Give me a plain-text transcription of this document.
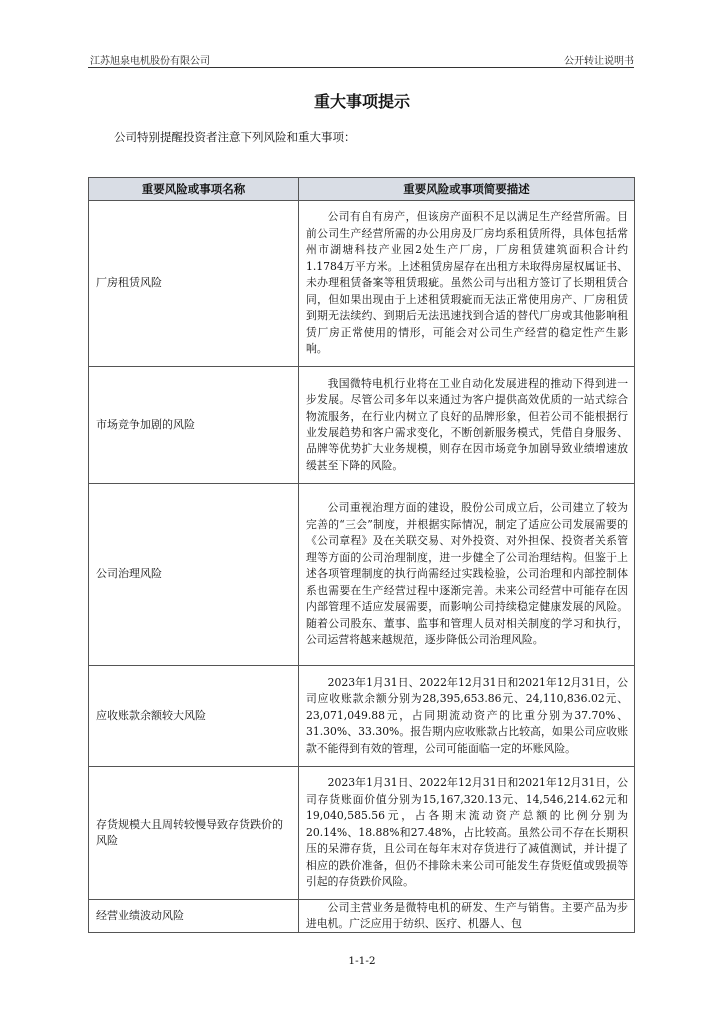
江苏旭泉电机股份有限公司	公开转让说明书
重大事项提示
公司特别提醒投资者注意下列风险和重大事项：
重要风险或事项名称	重要风险或事项简要描述
厂房租赁风险	公司有自有房产，但该房产面积不足以满足生产经营所需。目前公司生产经营所需的办公用房及厂房均系租赁所得，具体包括常州市湖塘科技产业园2处生产厂房，厂房租赁建筑面积合计约1.1784万平方米。上述租赁房屋存在出租方未取得房屋权属证书、未办理租赁备案等租赁瑕疵。虽然公司与出租方签订了长期租赁合同，但如果出现由于上述租赁瑕疵而无法正常使用房产、厂房租赁到期无法续约、到期后无法迅速找到合适的替代厂房或其他影响租赁厂房正常使用的情形，可能会对公司生产经营的稳定性产生影响。

市场竞争加剧的风险	我国微特电机行业将在工业自动化发展进程的推动下得到进一步发展。尽管公司多年以来通过为客户提供高效优质的一站式综合物流服务，在行业内树立了良好的品牌形象，但若公司不能根据行业发展趋势和客户需求变化，不断创新服务模式，凭借自身服务、品牌等优势扩大业务规模，则存在因市场竞争加剧导致业绩增速放缓甚至下降的风险。

公司治理风险	公司重视治理方面的建设，股份公司成立后，公司建立了较为完善的“三会”制度，并根据实际情况，制定了适应公司发展需要的《公司章程》及在关联交易、对外投资、对外担保、投资者关系管理等方面的公司治理制度，进一步健全了公司治理结构。但鉴于上述各项管理制度的执行尚需经过实践检验，公司治理和内部控制体系也需要在生产经营过程中逐渐完善。未来公司经营中可能存在因内部管理不适应发展需要，而影响公司持续稳定健康发展的风险。随着公司股东、董事、监事和管理人员对相关制度的学习和执行，公司运营将越来越规范，逐步降低公司治理风险。

应收账款余额较大风险	2023年1月31日、2022年12月31日和2021年12月31日，公司应收账款余额分别为28,395,653.86元、24,110,836.02元、23,071,049.88元，占同期流动资产的比重分别为37.70%、31.30%、33.30%。报告期内应收账款占比较高，如果公司应收账款不能得到有效的管理，公司可能面临一定的坏账风险。

存货规模大且周转较慢导致存货跌价的风险	2023年1月31日、2022年12月31日和2021年12月31日，公司存货账面价值分别为15,167,320.13元、14,546,214.62元和19,040,585.56元，占各期末流动资产总额的比例分别为20.14%、18.88%和27.48%，占比较高。虽然公司不存在长期积压的呆滞存货，且公司在每年末对存货进行了减值测试，并计提了相应的跌价准备，但仍不排除未来公司可能发生存货贬值或毁损等引起的存货跌价风险。

经营业绩波动风险	公司主营业务是微特电机的研发、生产与销售。主要产品为步进电机。广泛应用于纺织、医疗、机器人、包
1-1-2
